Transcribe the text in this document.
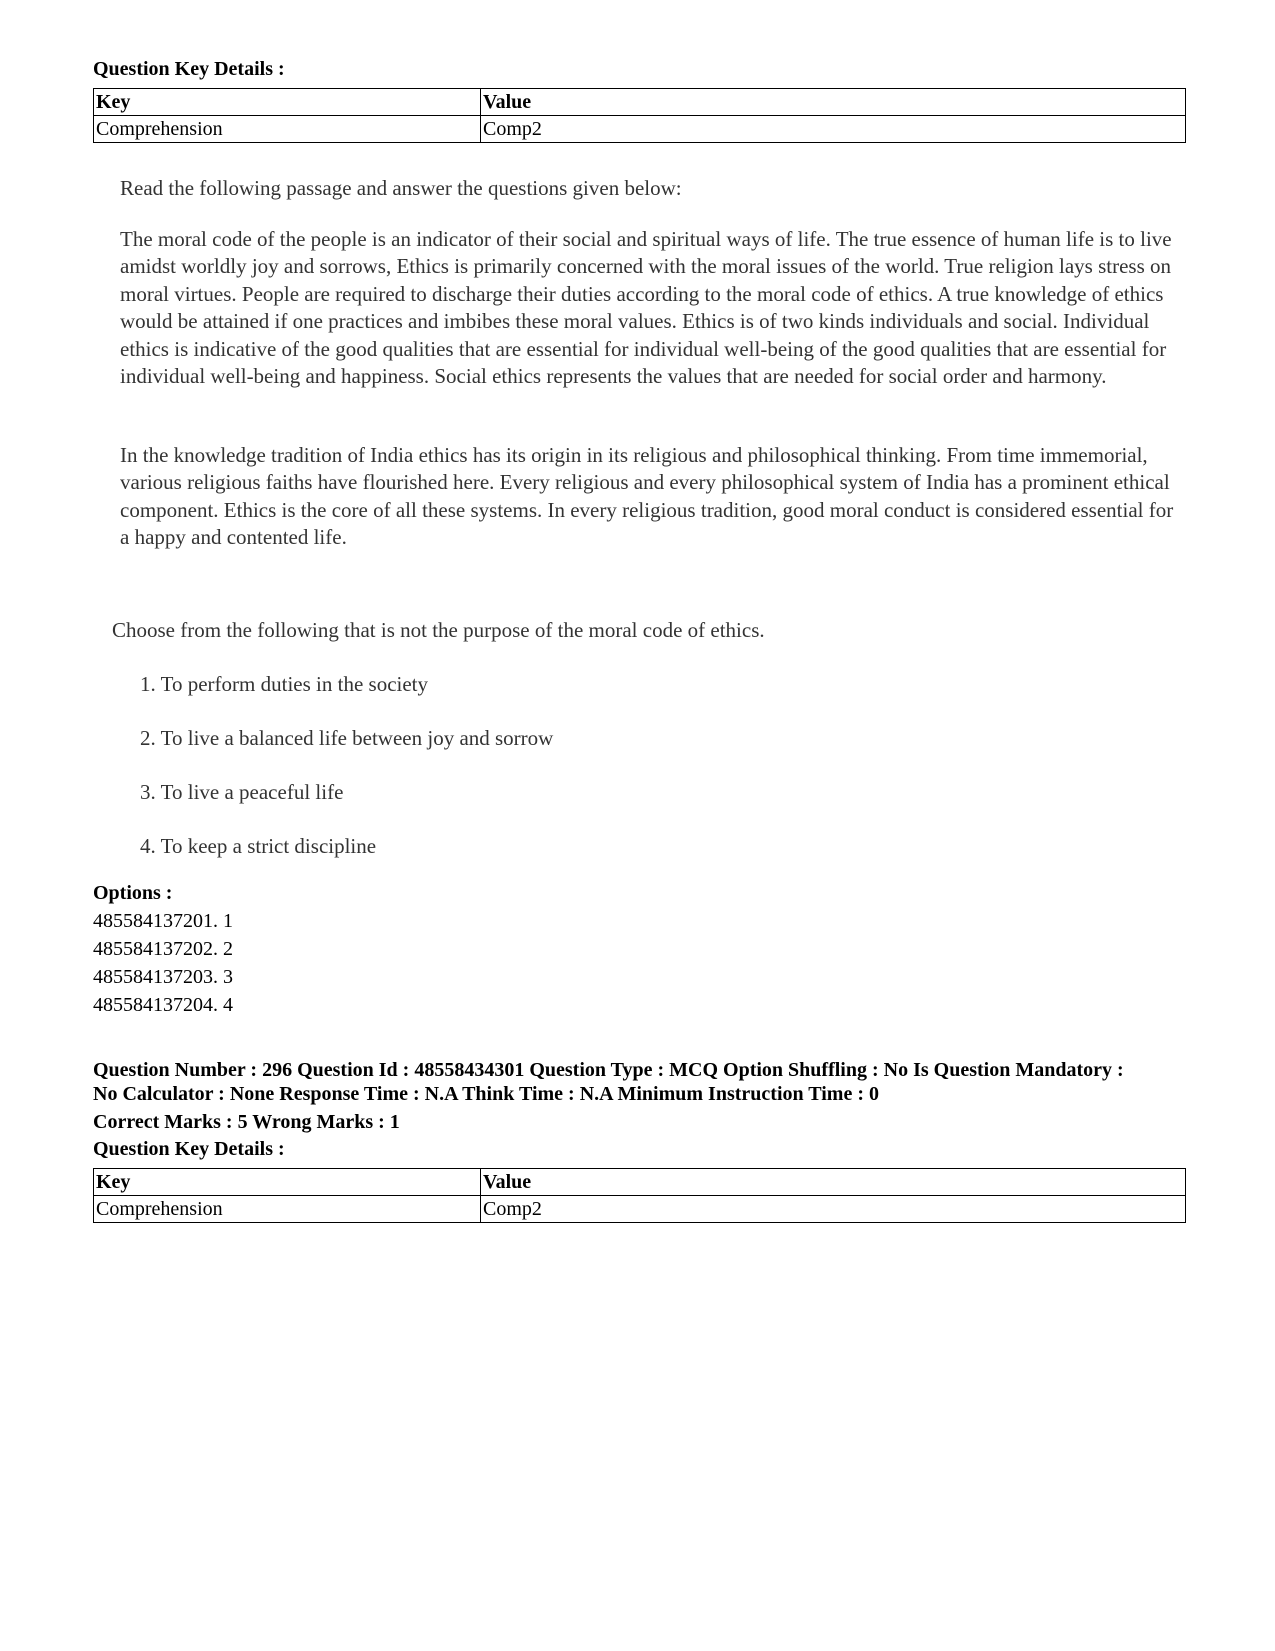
Question Key Details :
Key	Value
Comprehension	Comp2

Read the following passage and answer the questions given below:

The moral code of the people is an indicator of their social and spiritual ways of life. The true essence of human life is to live amidst worldly joy and sorrows, Ethics is primarily concerned with the moral issues of the world. True religion lays stress on moral virtues. People are required to discharge their duties according to the moral code of ethics. A true knowledge of ethics would be attained if one practices and imbibes these moral values. Ethics is of two kinds individuals and social. Individual ethics is indicative of the good qualities that are essential for individual well-being of the good qualities that are essential for individual well-being and happiness. Social ethics represents the values that are needed for social order and harmony.

In the knowledge tradition of India ethics has its origin in its religious and philosophical thinking. From time immemorial, various religious faiths have flourished here. Every religious and every philosophical system of India has a prominent ethical component. Ethics is the core of all these systems. In every religious tradition, good moral conduct is considered essential for a happy and contented life.

Choose from the following that is not the purpose of the moral code of ethics.
1. To perform duties in the society
2. To live a balanced life between joy and sorrow
3. To live a peaceful life
4. To keep a strict discipline
Options :
485584137201. 1
485584137202. 2
485584137203. 3
485584137204. 4
Question Number : 296 Question Id : 48558434301 Question Type : MCQ Option Shuffling : No Is Question Mandatory :
No Calculator : None Response Time : N.A Think Time : N.A Minimum Instruction Time : 0
Correct Marks : 5 Wrong Marks : 1
Question Key Details :
Key	Value
Comprehension	Comp2
